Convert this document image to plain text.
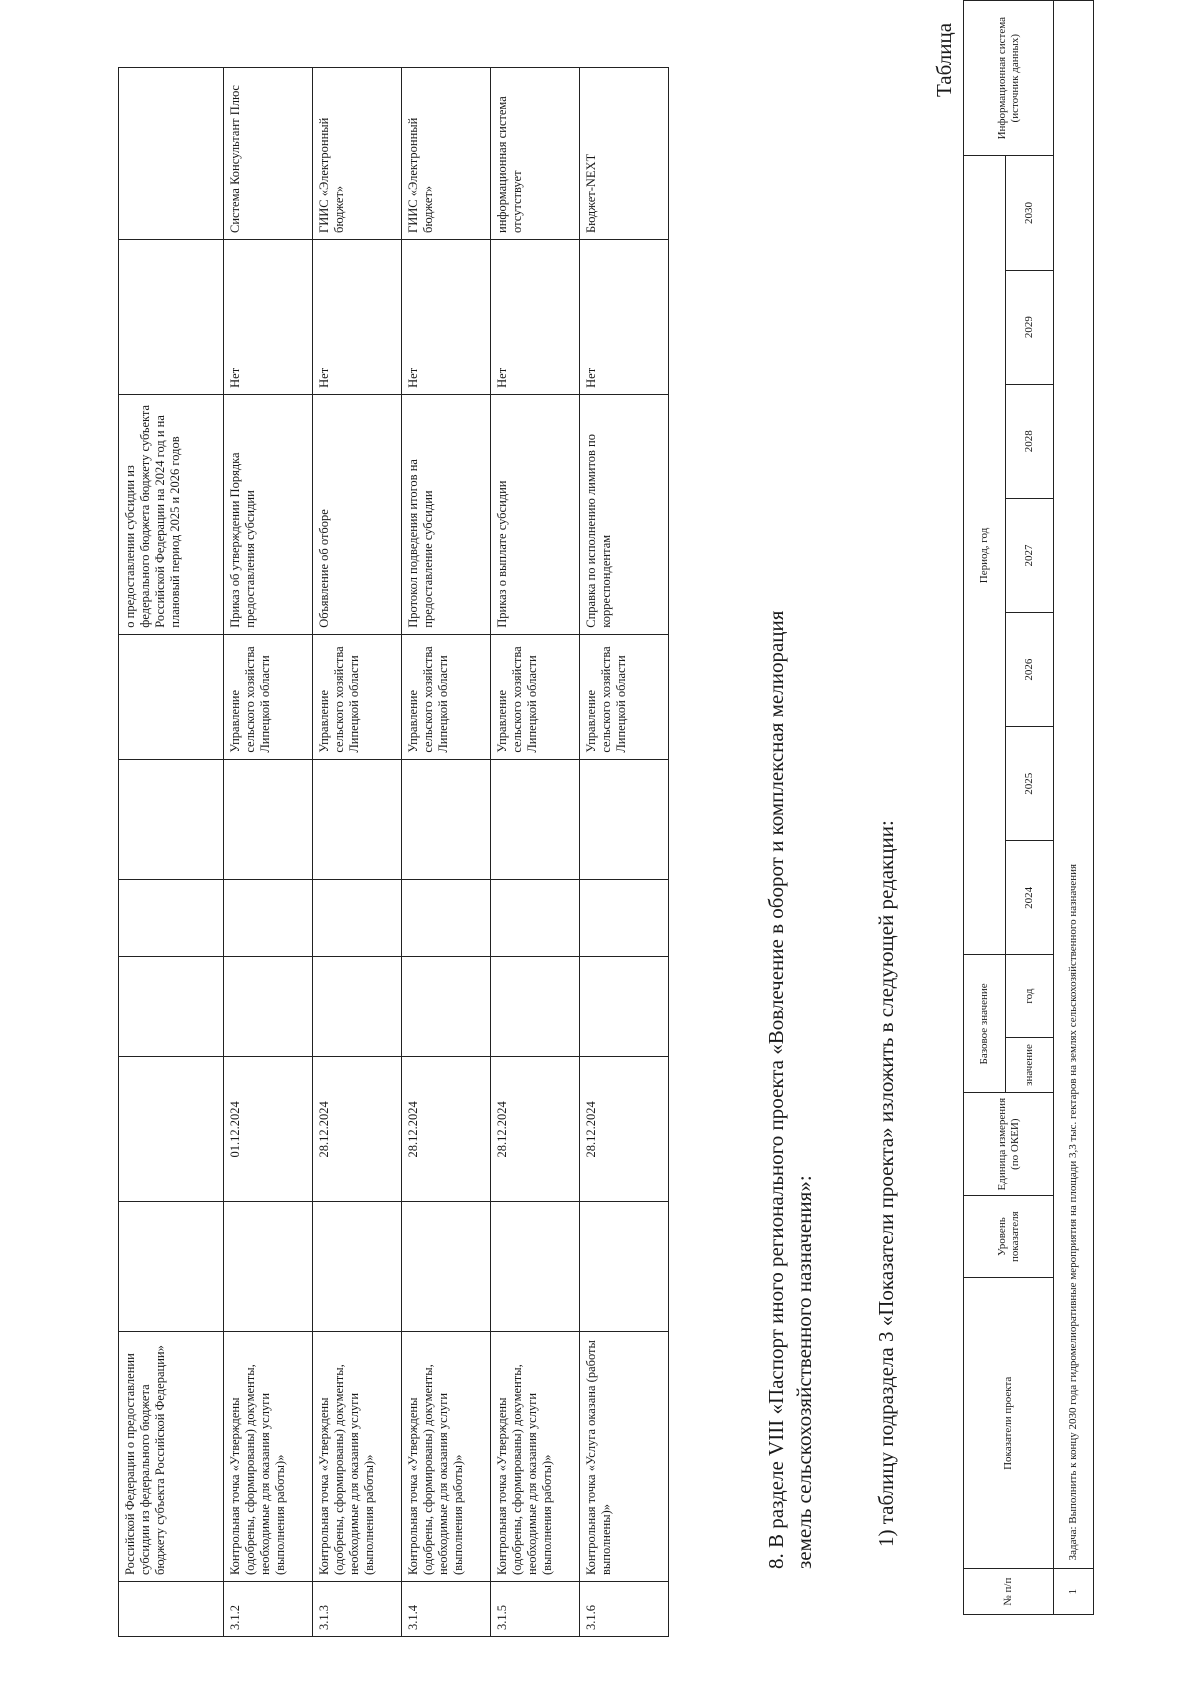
	Российской Федерации о предоставлении субсидии из федерального бюджета бюджету субъекта Российской Федерации»							о предоставлении субсидии из федерального бюджета бюджету субъекта Российской Федерации на 2024 год и на плановый период 2025 и 2026 годов		
3.1.2	Контрольная точка «Утверждены (одобрены, сформированы) документы, необходимые для оказания услуги (выполнения работы)»		01.12.2024				Управление сельского хозяйства Липецкой области	Приказ об утверждении Порядка предоставления субсидии	Нет	Система Консультант Плюс
3.1.3	Контрольная точка «Утверждены (одобрены, сформированы) документы, необходимые для оказания услуги (выполнения работы)»		28.12.2024				Управление сельского хозяйства Липецкой области	Объявление об отборе	Нет	ГИИС «Электронный бюджет»
3.1.4	Контрольная точка «Утверждены (одобрены, сформированы) документы, необходимые для оказания услуги (выполнения работы)»		28.12.2024				Управление сельского хозяйства Липецкой области	Протокол подведения итогов на предоставление субсидии	Нет	ГИИС «Электронный бюджет»
3.1.5	Контрольная точка «Утверждены (одобрены, сформированы) документы, необходимые для оказания услуги (выполнения работы)»		28.12.2024				Управление сельского хозяйства Липецкой области	Приказ о выплате субсидии	Нет	информационная система отсутствует
3.1.6	Контрольная точка «Услуга оказана (работы выполнены)»		28.12.2024				Управление сельского хозяйства Липецкой области	Справка по исполнению лимитов по корреспондентам	Нет	Бюджет-NEXT
8. В разделе VIII «Паспорт иного регионального проекта «Вовлечение в оборот и комплексная мелиорация земель сельскохозяйственного назначения»:	1) таблицу подраздела 3 «Показатели проекта» изложить в следующей редакции:
Таблица
№ п/п	Показатели проекта	Уровень показателя	Единица измерения (по ОКЕИ)	Базовое значение		Период, год							Информационная система (источник данных)
				значение	год	2024	2025	2026	2027	2028	2029	2030	
1	Задача: Выполнить к концу 2030 года гидромелиоративные мероприятия на площади 3,3 тыс. гектаров на землях сельскохозяйственного назначения												
